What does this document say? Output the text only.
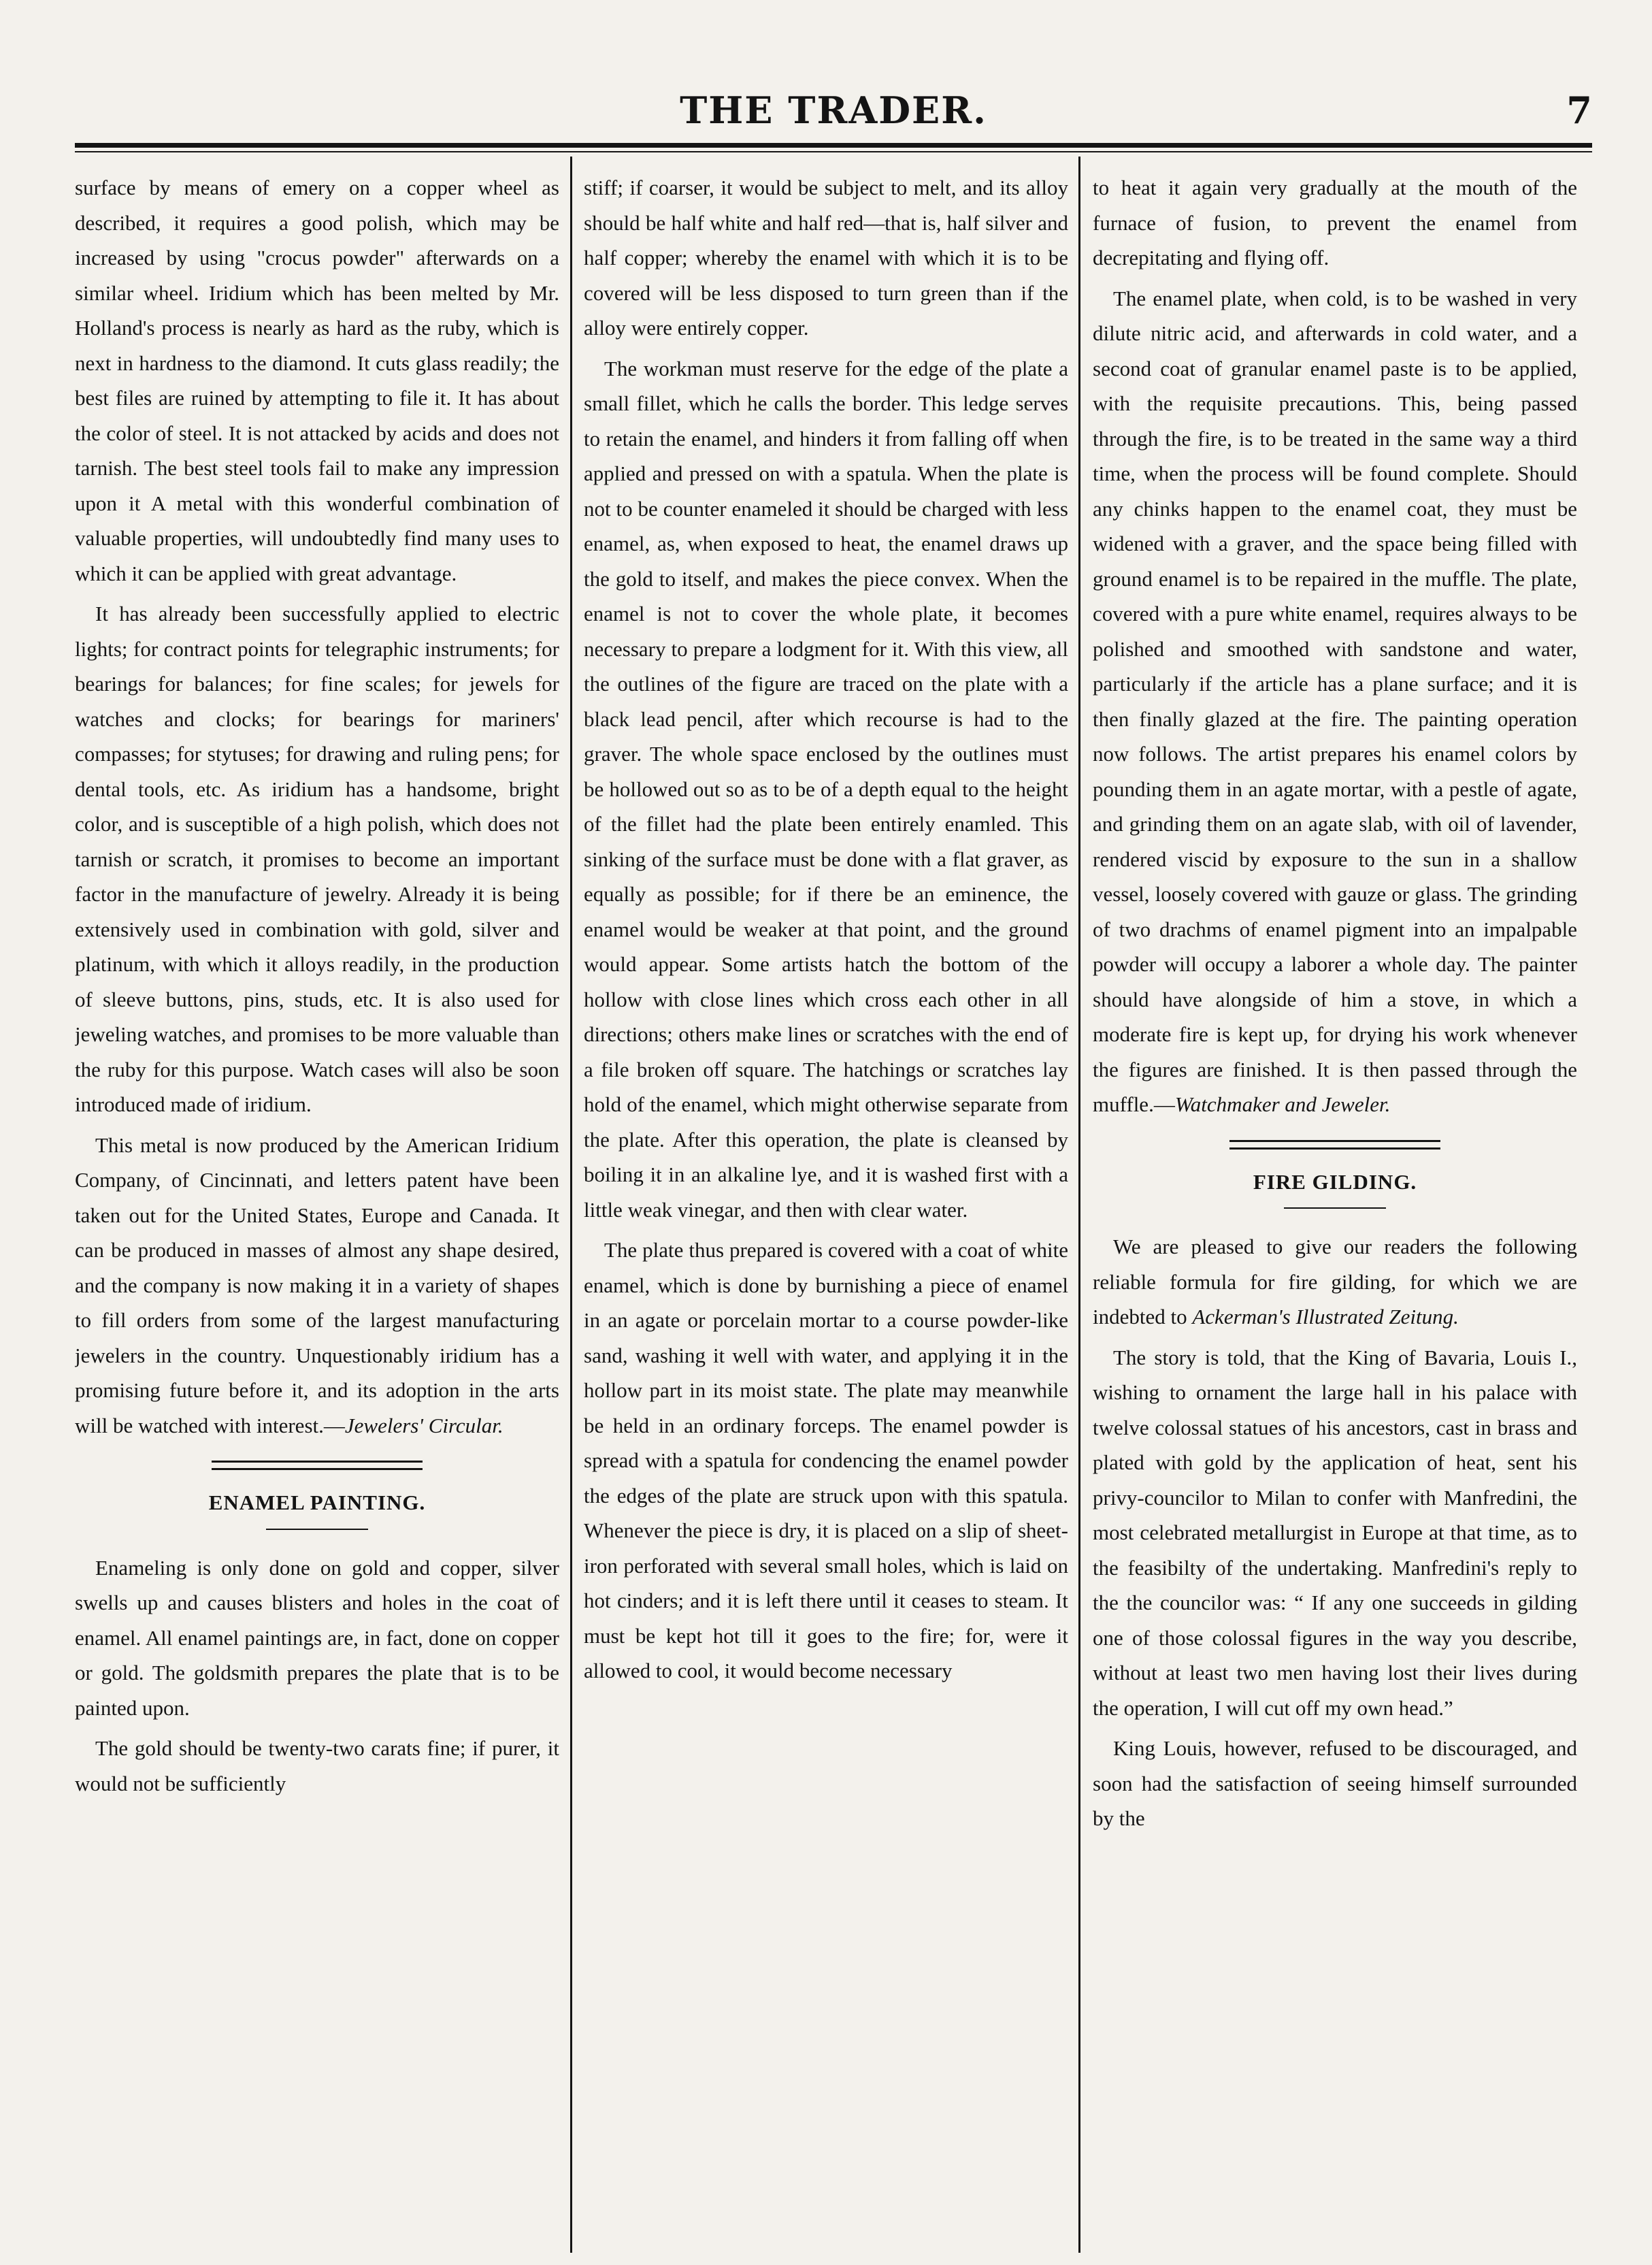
THE TRADER.	7

surface by means of emery on a copper wheel as described, it requires a good polish, which may be increased by using "crocus powder" afterwards on a similar wheel. Iridium which has been melted by Mr. Holland's process is nearly as hard as the ruby, which is next in hardness to the diamond. It cuts glass readily; the best files are ruined by attempting to file it. It has about the color of steel. It is not attacked by acids and does not tarnish. The best steel tools fail to make any impression upon it A metal with this wonderful combination of valuable properties, will undoubtedly find many uses to which it can be applied with great advantage.

It has already been successfully applied to electric lights; for contract points for telegraphic instruments; for bearings for balances; for fine scales; for jewels for watches and clocks; for bearings for mariners' compasses; for stytuses; for drawing and ruling pens; for dental tools, etc. As iridium has a handsome, bright color, and is susceptible of a high polish, which does not tarnish or scratch, it promises to become an important factor in the manufacture of jewelry. Already it is being extensively used in combination with gold, silver and platinum, with which it alloys readily, in the production of sleeve buttons, pins, studs, etc. It is also used for jeweling watches, and promises to be more valuable than the ruby for this purpose. Watch cases will also be soon introduced made of iridium.

This metal is now produced by the American Iridium Company, of Cincinnati, and letters patent have been taken out for the United States, Europe and Canada. It can be produced in masses of almost any shape desired, and the company is now making it in a variety of shapes to fill orders from some of the largest manufacturing jewelers in the country. Unquestionably iridium has a promising future before it, and its adoption in the arts will be watched with interest.—Jewelers' Circular.

ENAMEL PAINTING.

Enameling is only done on gold and copper, silver swells up and causes blisters and holes in the coat of enamel. All enamel paintings are, in fact, done on copper or gold. The goldsmith prepares the plate that is to be painted upon.

The gold should be twenty-two carats fine; if purer, it would not be sufficiently

stiff; if coarser, it would be subject to melt, and its alloy should be half white and half red—that is, half silver and half copper; whereby the enamel with which it is to be covered will be less disposed to turn green than if the alloy were entirely copper.

The workman must reserve for the edge of the plate a small fillet, which he calls the border. This ledge serves to retain the enamel, and hinders it from falling off when applied and pressed on with a spatula. When the plate is not to be counter enameled it should be charged with less enamel, as, when exposed to heat, the enamel draws up the gold to itself, and makes the piece convex. When the enamel is not to cover the whole plate, it becomes necessary to prepare a lodgment for it. With this view, all the outlines of the figure are traced on the plate with a black lead pencil, after which recourse is had to the graver. The whole space enclosed by the outlines must be hollowed out so as to be of a depth equal to the height of the fillet had the plate been entirely enamled. This sinking of the surface must be done with a flat graver, as equally as possible; for if there be an eminence, the enamel would be weaker at that point, and the ground would appear. Some artists hatch the bottom of the hollow with close lines which cross each other in all directions; others make lines or scratches with the end of a file broken off square. The hatchings or scratches lay hold of the enamel, which might otherwise separate from the plate. After this operation, the plate is cleansed by boiling it in an alkaline lye, and it is washed first with a little weak vinegar, and then with clear water.

The plate thus prepared is covered with a coat of white enamel, which is done by burnishing a piece of enamel in an agate or porcelain mortar to a course powder-like sand, washing it well with water, and applying it in the hollow part in its moist state. The plate may meanwhile be held in an ordinary forceps. The enamel powder is spread with a spatula for condencing the enamel powder the edges of the plate are struck upon with this spatula. Whenever the piece is dry, it is placed on a slip of sheet-iron perforated with several small holes, which is laid on hot cinders; and it is left there until it ceases to steam. It must be kept hot till it goes to the fire; for, were it allowed to cool, it would become necessary

to heat it again very gradually at the mouth of the furnace of fusion, to prevent the enamel from decrepitating and flying off.

The enamel plate, when cold, is to be washed in very dilute nitric acid, and afterwards in cold water, and a second coat of granular enamel paste is to be applied, with the requisite precautions. This, being passed through the fire, is to be treated in the same way a third time, when the process will be found complete. Should any chinks happen to the enamel coat, they must be widened with a graver, and the space being filled with ground enamel is to be repaired in the muffle. The plate, covered with a pure white enamel, requires always to be polished and smoothed with sandstone and water, particularly if the article has a plane surface; and it is then finally glazed at the fire. The painting operation now follows. The artist prepares his enamel colors by pounding them in an agate mortar, with a pestle of agate, and grinding them on an agate slab, with oil of lavender, rendered viscid by exposure to the sun in a shallow vessel, loosely covered with gauze or glass. The grinding of two drachms of enamel pigment into an impalpable powder will occupy a laborer a whole day. The painter should have alongside of him a stove, in which a moderate fire is kept up, for drying his work whenever the figures are finished. It is then passed through the muffle.—Watchmaker and Jeweler.

FIRE GILDING.

We are pleased to give our readers the following reliable formula for fire gilding, for which we are indebted to Ackerman's Illustrated Zeitung.

The story is told, that the King of Bavaria, Louis I., wishing to ornament the large hall in his palace with twelve colossal statues of his ancestors, cast in brass and plated with gold by the application of heat, sent his privy-councilor to Milan to confer with Manfredini, the most celebrated metallurgist in Europe at that time, as to the feasibilty of the undertaking. Manfredini's reply to the the councilor was: “ If any one succeeds in gilding one of those colossal figures in the way you describe, without at least two men having lost their lives during the operation, I will cut off my own head.”

King Louis, however, refused to be discouraged, and soon had the satisfaction of seeing himself surrounded by the
